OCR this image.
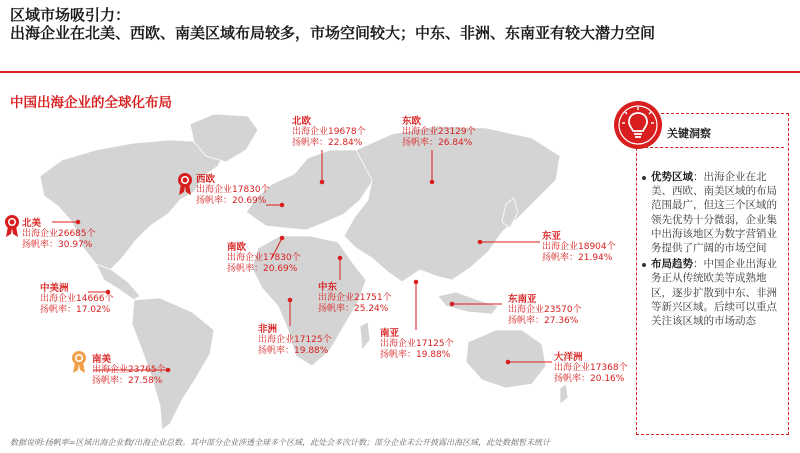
区域市场吸引力：
出海企业在北美、西欧、南美区域布局较多，市场空间较大；中东、非洲、东南亚有较大潜力空间
中国出海企业的全球化布局
北欧
出海企业19678个
扬帆率：22.84%
东欧
出海企业23129个
扬帆率：26.84%
西欧
出海企业17830个
扬帆率：20.69%
北美
出海企业26685个
扬帆率：30.97%	南欧
出海企业17830个
扬帆率：20.69%
中东
出海企业21751个
扬帆率：25.24%
中美洲
出海企业14666个
扬帆率：17.02%
非洲
出海企业17125个
扬帆率：19.88%
南亚
出海企业17125个
扬帆率：19.88%
东亚
出海企业18904个
扬帆率：21.94%
东南亚
出海企业23570个
扬帆率：27.36%
南美
出海企业23765个
扬帆率：27.58%
大洋洲
出海企业17368个
扬帆率：20.16%
关键洞察

优势区域：出海企业在北美、西欧、南美区域的布局范围最广，但这三个区域的领先优势十分微弱，企业集中出海该地区为数字营销业务提供了广阔的市场空间

布局趋势：中国企业出海业务正从传统欧美等成熟地区，逐步扩散到中东、非洲等新兴区域。后续可以重点关注该区域的市场动态

数据说明:扬帆率=区域出海企业数/出海企业总数。其中部分企业涉透全球多个区域，此处会多次计数；部分企业未公开披露出海区域，此处数据暂未统计
